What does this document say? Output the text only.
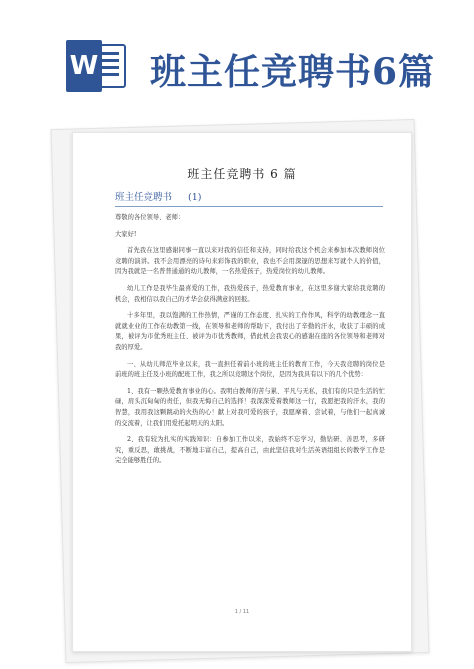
W 班主任竞聘书6篇
班主任竞聘书 6 篇
班主任竞聘书 (1)

尊敬的各位领导、老师：

大家好!

首先我在这里感谢同事一直以来对我的信任和支持，同时给我这个机会来参加本次教师岗位竞聘的演讲。我不会用漂亮的诗句来彩饰我的职业，我也不会用深邃的思想来写就个人的价值，因为我就是一名普普通通的幼儿教师，一名热爱孩子，热爱岗位的幼儿教师。

幼儿工作是我毕生最喜爱的工作，我热爱孩子，热爱教育事业，在这里多谢大家给我竞聘的机会，我相信以我自己的才华会获得满意的回报。

十多年里，我以饱满的工作热情，严谨的工作态度、扎实的工作作风，科学的幼教理念一直就就业业的工作在幼教第一线，在领导和老师的帮助下，我付出了辛勤的汗水，收获了丰硕的成果，被评为市优秀班主任、被评为市优秀教师，借此机会我衷心的感谢在座的各位领导和老师对我的厚爱。

一、从幼儿师范毕业以来，我一直担任着前小班的班主任的教育工作，今天我竞聘的岗位是前班的班主任及小班的配班工作，我之所以竞聘这个岗位，是因为我具有以下的几个优势：

1、我有一颗热爱教育事业的心。我明白教师的苦与累、平凡与无私，我们有的只是生活的忙碌，肩头沉甸甸的责任，但我无悔自己的选择！我深深爱着教师这一行，我愿把我的汗水，我的智慧，我用我这颗跳动的火热的心！献上对我可爱的孩子，我愿摩着、尝试着，与他们一起真诚的交流着，让我们用爱托起明天的太阳。

2、我有较为扎实的实践知识：自参加工作以来，我始终不忘学习，勤钻研、善思考，多研究，重反思，敢挑战，不断地丰富自己，提高自己，由此坚信我对生活英语组组长的教学工作是完全能够胜任的。

1 / 11
